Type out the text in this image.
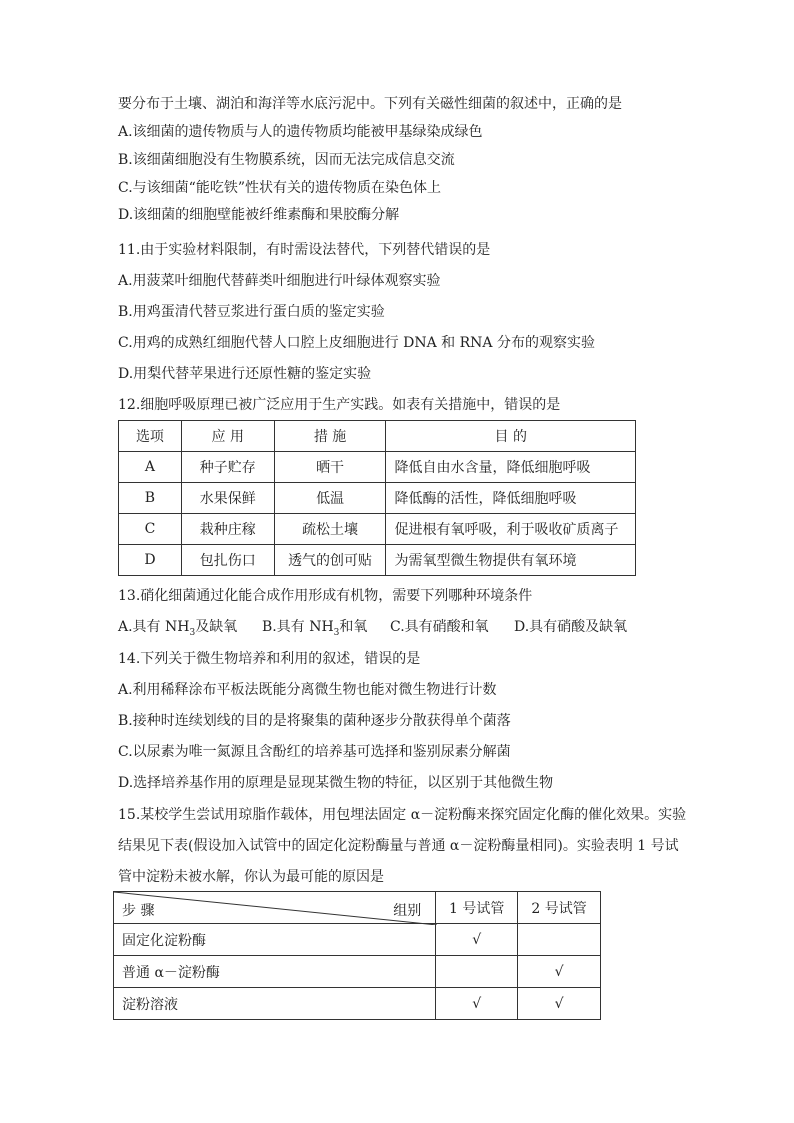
要分布于土壤、湖泊和海洋等水底污泥中。下列有关磁性细菌的叙述中，正确的是
A.该细菌的遗传物质与人的遗传物质均能被甲基绿染成绿色
B.该细菌细胞没有生物膜系统，因而无法完成信息交流
C.与该细菌“能吃铁”性状有关的遗传物质在染色体上
D.该细菌的细胞壁能被纤维素酶和果胶酶分解
11.由于实验材料限制，有时需设法替代，下列替代错误的是
A.用菠菜叶细胞代替藓类叶细胞进行叶绿体观察实验
B.用鸡蛋清代替豆浆进行蛋白质的鉴定实验
C.用鸡的成熟红细胞代替人口腔上皮细胞进行 DNA 和 RNA 分布的观察实验
D.用梨代替苹果进行还原性糖的鉴定实验
12.细胞呼吸原理已被广泛应用于生产实践。如表有关措施中，错误的是
选项	应 用	措 施	目 的
A	种子贮存	晒干	降低自由水含量，降低细胞呼吸
B	水果保鲜	低温	降低酶的活性，降低细胞呼吸
C	栽种庄稼	疏松土壤	促进根有氧呼吸，利于吸收矿质离子
D	包扎伤口	透气的创可贴	为需氧型微生物提供有氧环境
13.硝化细菌通过化能合成作用形成有机物，需要下列哪种环境条件
A.具有 $NH_3$及缺氧 B.具有 $NH_3$和氧 C.具有硝酸和氧 D.具有硝酸及缺氧
14.下列关于微生物培养和利用的叙述，错误的是
A.利用稀释涂布平板法既能分离微生物也能对微生物进行计数
B.接种时连续划线的目的是将聚集的菌种逐步分散获得单个菌落
C.以尿素为唯一氮源且含酚红的培养基可选择和鉴别尿素分解菌
D.选择培养基作用的原理是显现某微生物的特征，以区别于其他微生物
15.某校学生尝试用琼脂作载体，用包埋法固定 α－淀粉酶来探究固定化酶的催化效果。实验
结果见下表(假设加入试管中的固定化淀粉酶量与普通 α－淀粉酶量相同)。实验表明 1 号试
管中淀粉未被水解，你认为最可能的原因是
步 骤 组别	1 号试管	2 号试管
固定化淀粉酶	√	
普通 α－淀粉酶		√
淀粉溶液	√	√
